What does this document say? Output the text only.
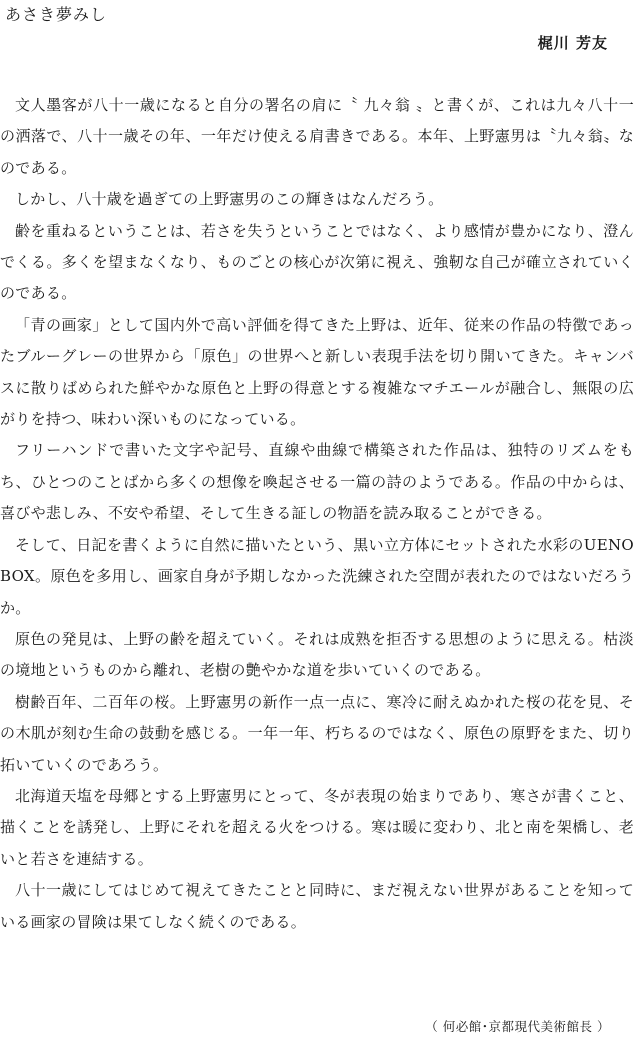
あさき夢みし
梶川 芳友

文人墨客が八十一歳になると自分の署名の肩に〝 九々翁 〟と書くが、これは九々八十一の洒落で、八十一歳その年、一年だけ使える肩書きである。本年、上野憲男は〝九々翁〟なのである。

しかし、八十歳を過ぎての上野憲男のこの輝きはなんだろう。

齢を重ねるということは、若さを失うということではなく、より感情が豊かになり、澄んでくる。多くを望まなくなり、ものごとの核心が次第に視え、強靭な自己が確立されていくのである。

「青の画家」として国内外で高い評価を得てきた上野は、近年、従来の作品の特徴であったブルーグレーの世界から「原色」の世界へと新しい表現手法を切り開いてきた。キャンバスに散りばめられた鮮やかな原色と上野の得意とする複雑なマチエールが融合し、無限の広がりを持つ、味わい深いものになっている。

フリーハンドで書いた文字や記号、直線や曲線で構築された作品は、独特のリズムをもち、ひとつのことばから多くの想像を喚起させる一篇の詩のようである。作品の中からは、喜びや悲しみ、不安や希望、そして生きる証しの物語を読み取ることができる。

そして、日記を書くように自然に描いたという、黒い立方体にセットされた水彩のUENO BOX。原色を多用し、画家自身が予期しなかった洗練された空間が表れたのではないだろうか。

原色の発見は、上野の齢を超えていく。それは成熟を拒否する思想のように思える。枯淡の境地というものから離れ、老樹の艶やかな道を歩いていくのである。

樹齢百年、二百年の桜。上野憲男の新作一点一点に、寒冷に耐えぬかれた桜の花を見、その木肌が刻む生命の鼓動を感じる。一年一年、朽ちるのではなく、原色の原野をまた、切り拓いていくのであろう。

北海道天塩を母郷とする上野憲男にとって、冬が表現の始まりであり、寒さが書くこと、描くことを誘発し、上野にそれを超える火をつける。寒は暖に変わり、北と南を架橋し、老いと若さを連結する。

八十一歳にしてはじめて視えてきたことと同時に、まだ視えない世界があることを知っている画家の冒険は果てしなく続くのである。

（ 何必館･京都現代美術館長 ）
